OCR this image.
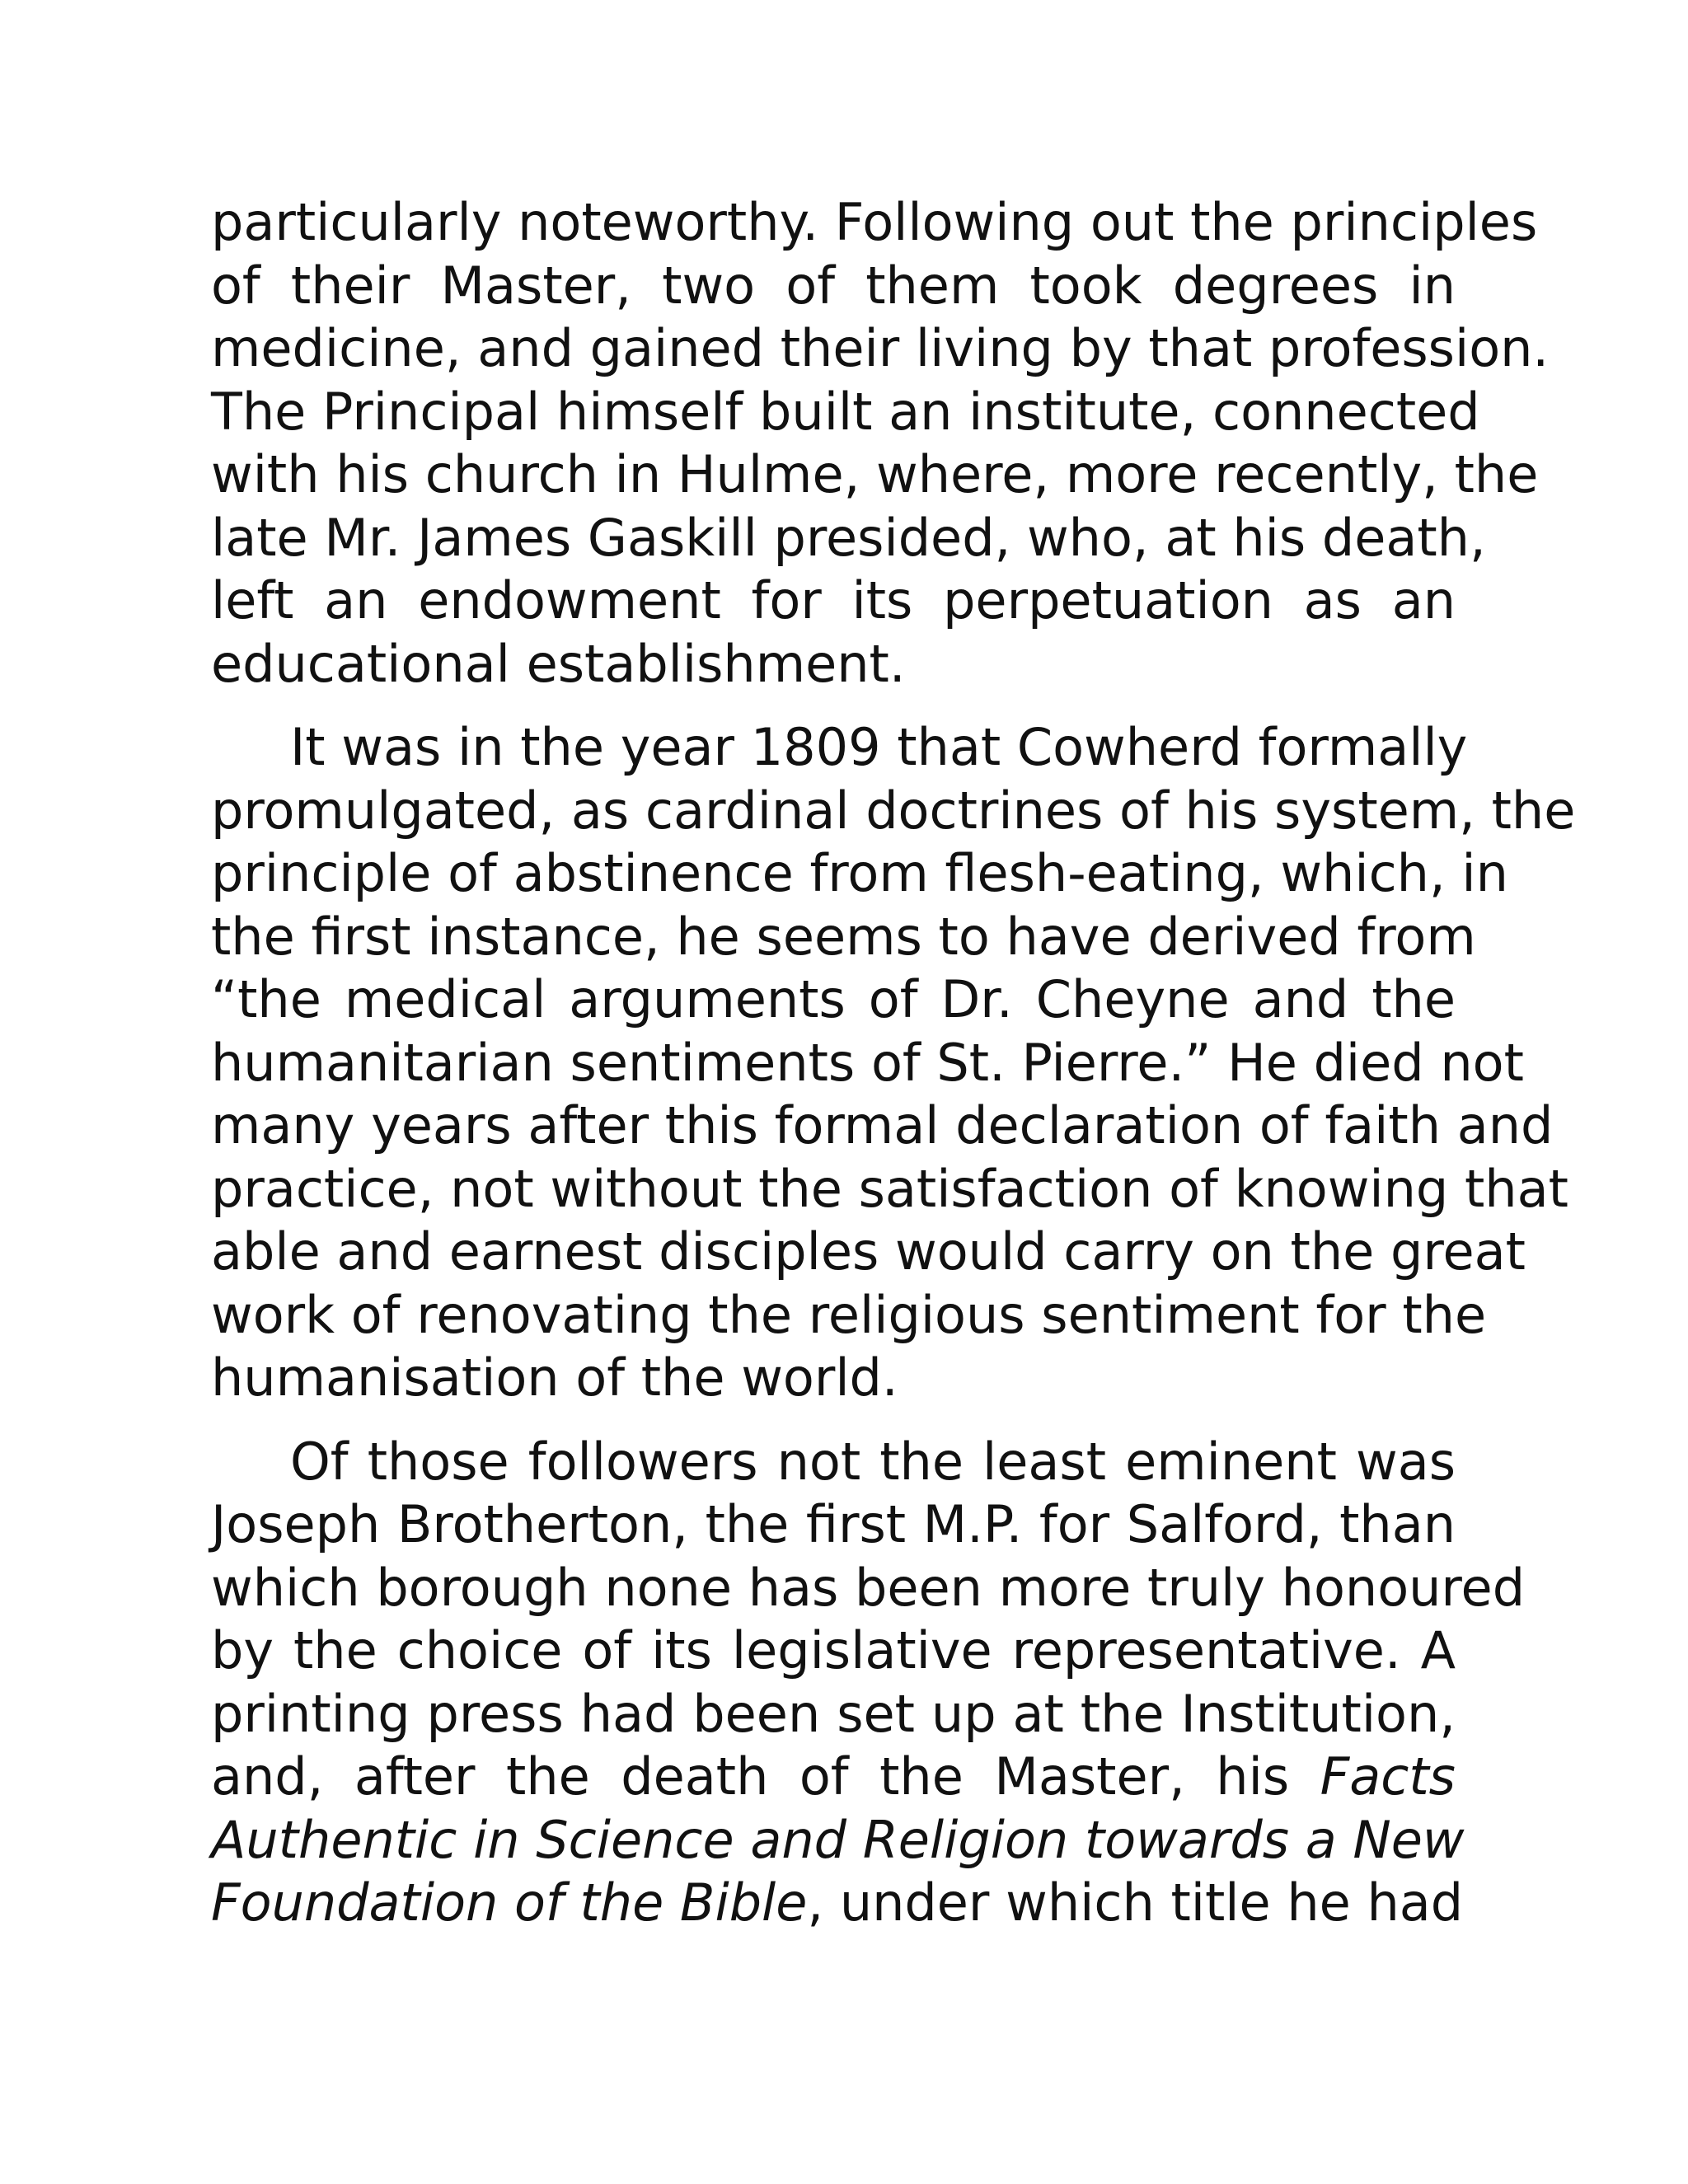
particularly noteworthy. Following out the principles
of their Master, two of them took degrees in
medicine, and gained their living by that profession.
The Principal himself built an institute, connected
with his church in Hulme, where, more recently, the
late Mr. James Gaskill presided, who, at his death,
left an endowment for its perpetuation as an
educational establishment.
It was in the year 1809 that Cowherd formally
promulgated, as cardinal doctrines of his system, the
principle of abstinence from flesh-eating, which, in
the first instance, he seems to have derived from
“the medical arguments of Dr. Cheyne and the
humanitarian sentiments of St. Pierre.” He died not
many years after this formal declaration of faith and
practice, not without the satisfaction of knowing that
able and earnest disciples would carry on the great
work of renovating the religious sentiment for the
humanisation of the world.
Of those followers not the least eminent was
Joseph Brotherton, the first M.P. for Salford, than
which borough none has been more truly honoured
by the choice of its legislative representative. A
printing press had been set up at the Institution,
and, after the death of the Master, his Facts
Authentic in Science and Religion towards a New
Foundation of the Bible, under which title he had
